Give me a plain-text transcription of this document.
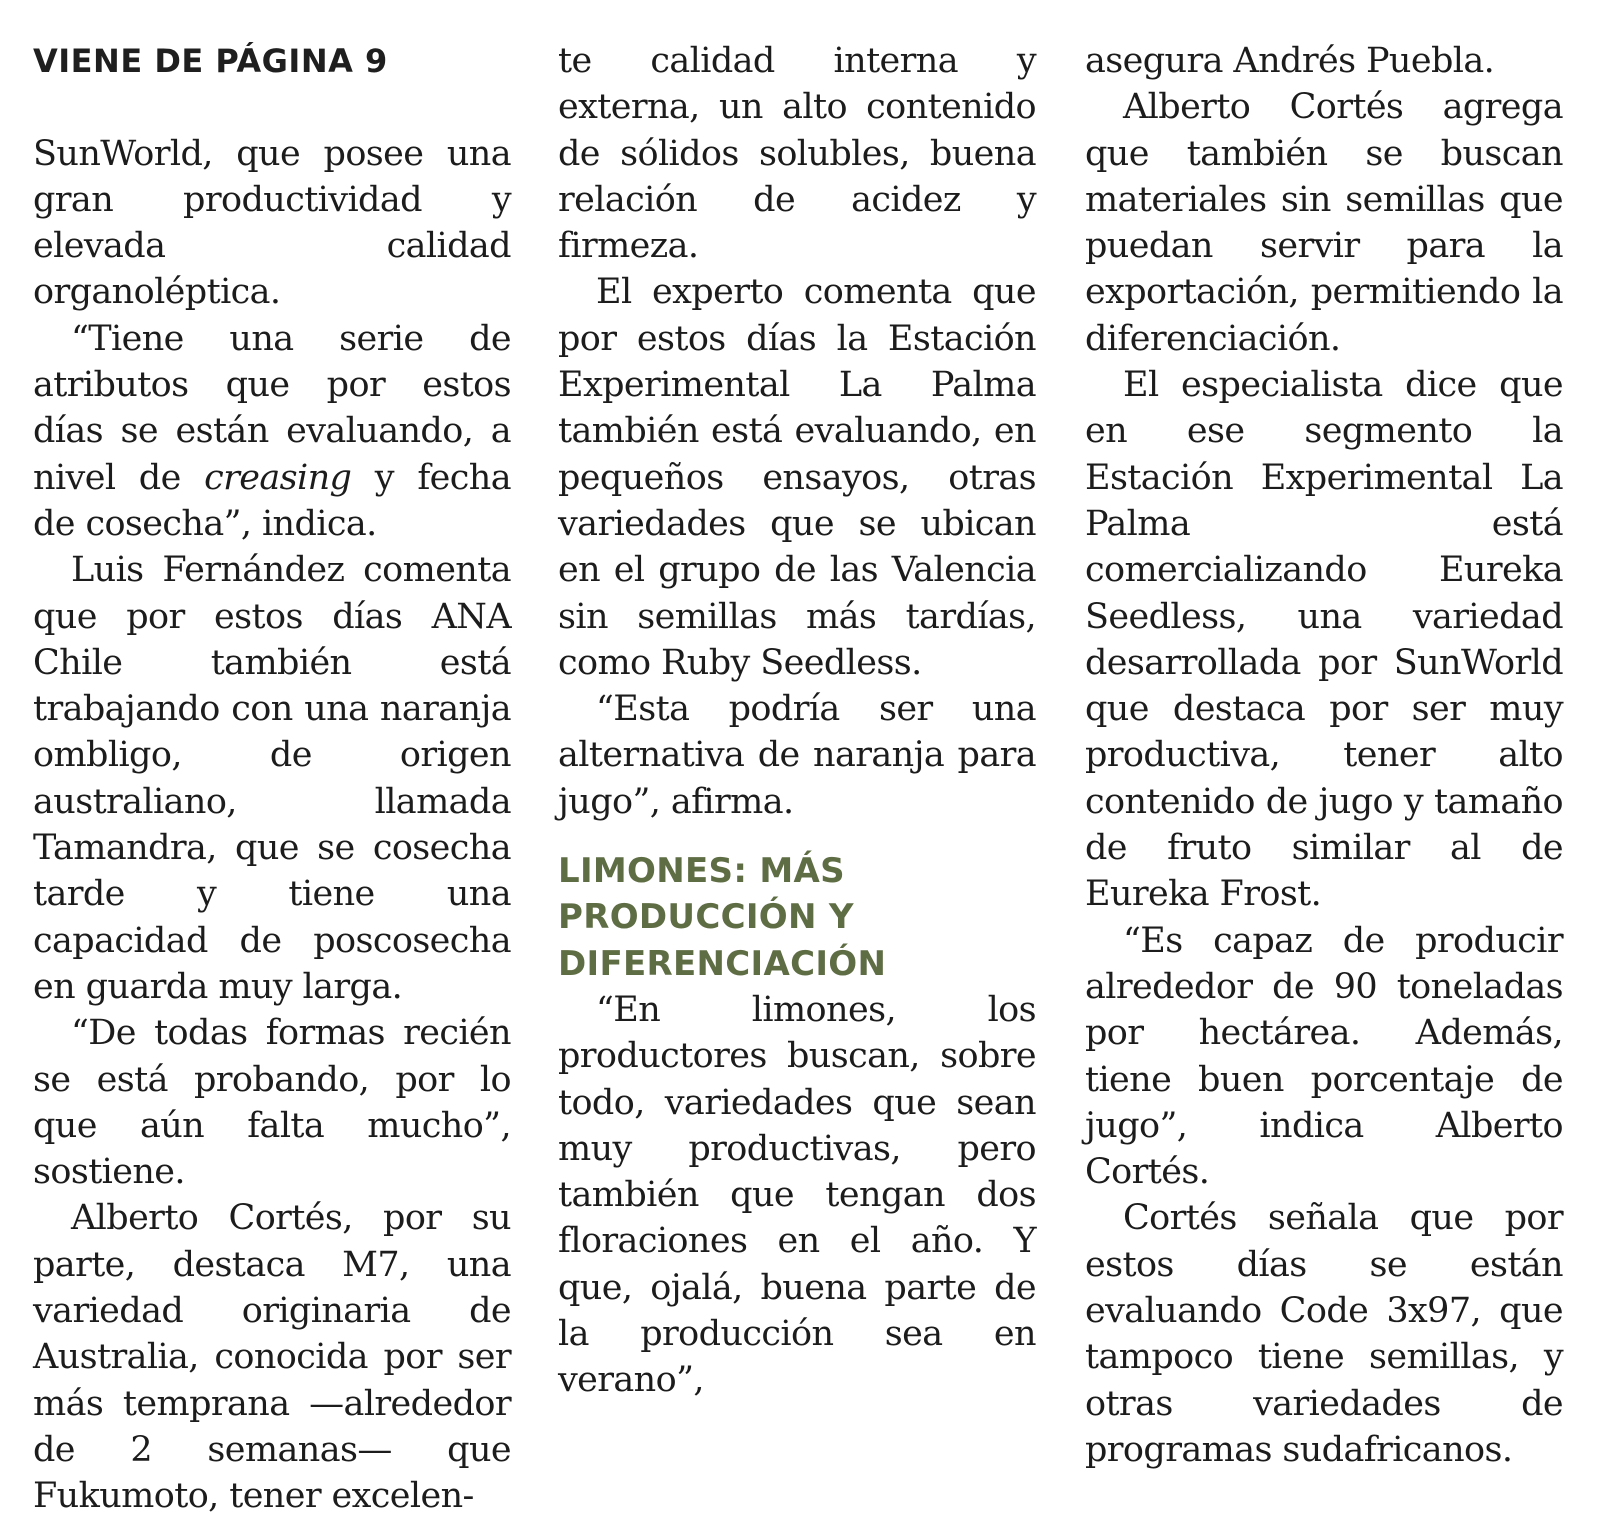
VIENE DE PÁGINA 9

SunWorld, que posee una gran productividad y elevada calidad organoléptica.

“Tiene una serie de atributos que por estos días se están evaluando, a nivel de creasing y fecha de cosecha”, indica.

Luis Fernández comenta que por estos días ANA Chile también está trabajando con una naranja ombligo, de origen australiano, llamada Tamandra, que se cosecha tarde y tiene una capacidad de poscosecha en guarda muy larga.

“De todas formas recién se está probando, por lo que aún falta mucho”, sostiene.

Alberto Cortés, por su parte, destaca M7, una variedad originaria de Australia, conocida por ser más temprana —alrededor de 2 semanas— que Fukumoto, tener excelen-

te calidad interna y externa, un alto contenido de sólidos solubles, buena relación de acidez y firmeza.

El experto comenta que por estos días la Estación Experimental La Palma también está evaluando, en pequeños ensayos, otras variedades que se ubican en el grupo de las Valencia sin semillas más tardías, como Ruby Seedless.

“Esta podría ser una alternativa de naranja para jugo”, afirma.

LIMONES: MÁS PRODUCCIÓN Y DIFERENCIACIÓN

“En limones, los productores buscan, sobre todo, variedades que sean muy productivas, pero también que tengan dos floraciones en el año. Y que, ojalá, buena parte de la producción sea en verano”,

asegura Andrés Puebla.

Alberto Cortés agrega que también se buscan materiales sin semillas que puedan servir para la exportación, permitiendo la diferenciación.

El especialista dice que en ese segmento la Estación Experimental La Palma está comercializando Eureka Seedless, una variedad desarrollada por SunWorld que destaca por ser muy productiva, tener alto contenido de jugo y tamaño de fruto similar al de Eureka Frost.

“Es capaz de producir alrededor de 90 toneladas por hectárea. Además, tiene buen porcentaje de jugo”, indica Alberto Cortés.

Cortés señala que por estos días se están evaluando Code 3x97, que tampoco tiene semillas, y otras variedades de programas sudafricanos.
